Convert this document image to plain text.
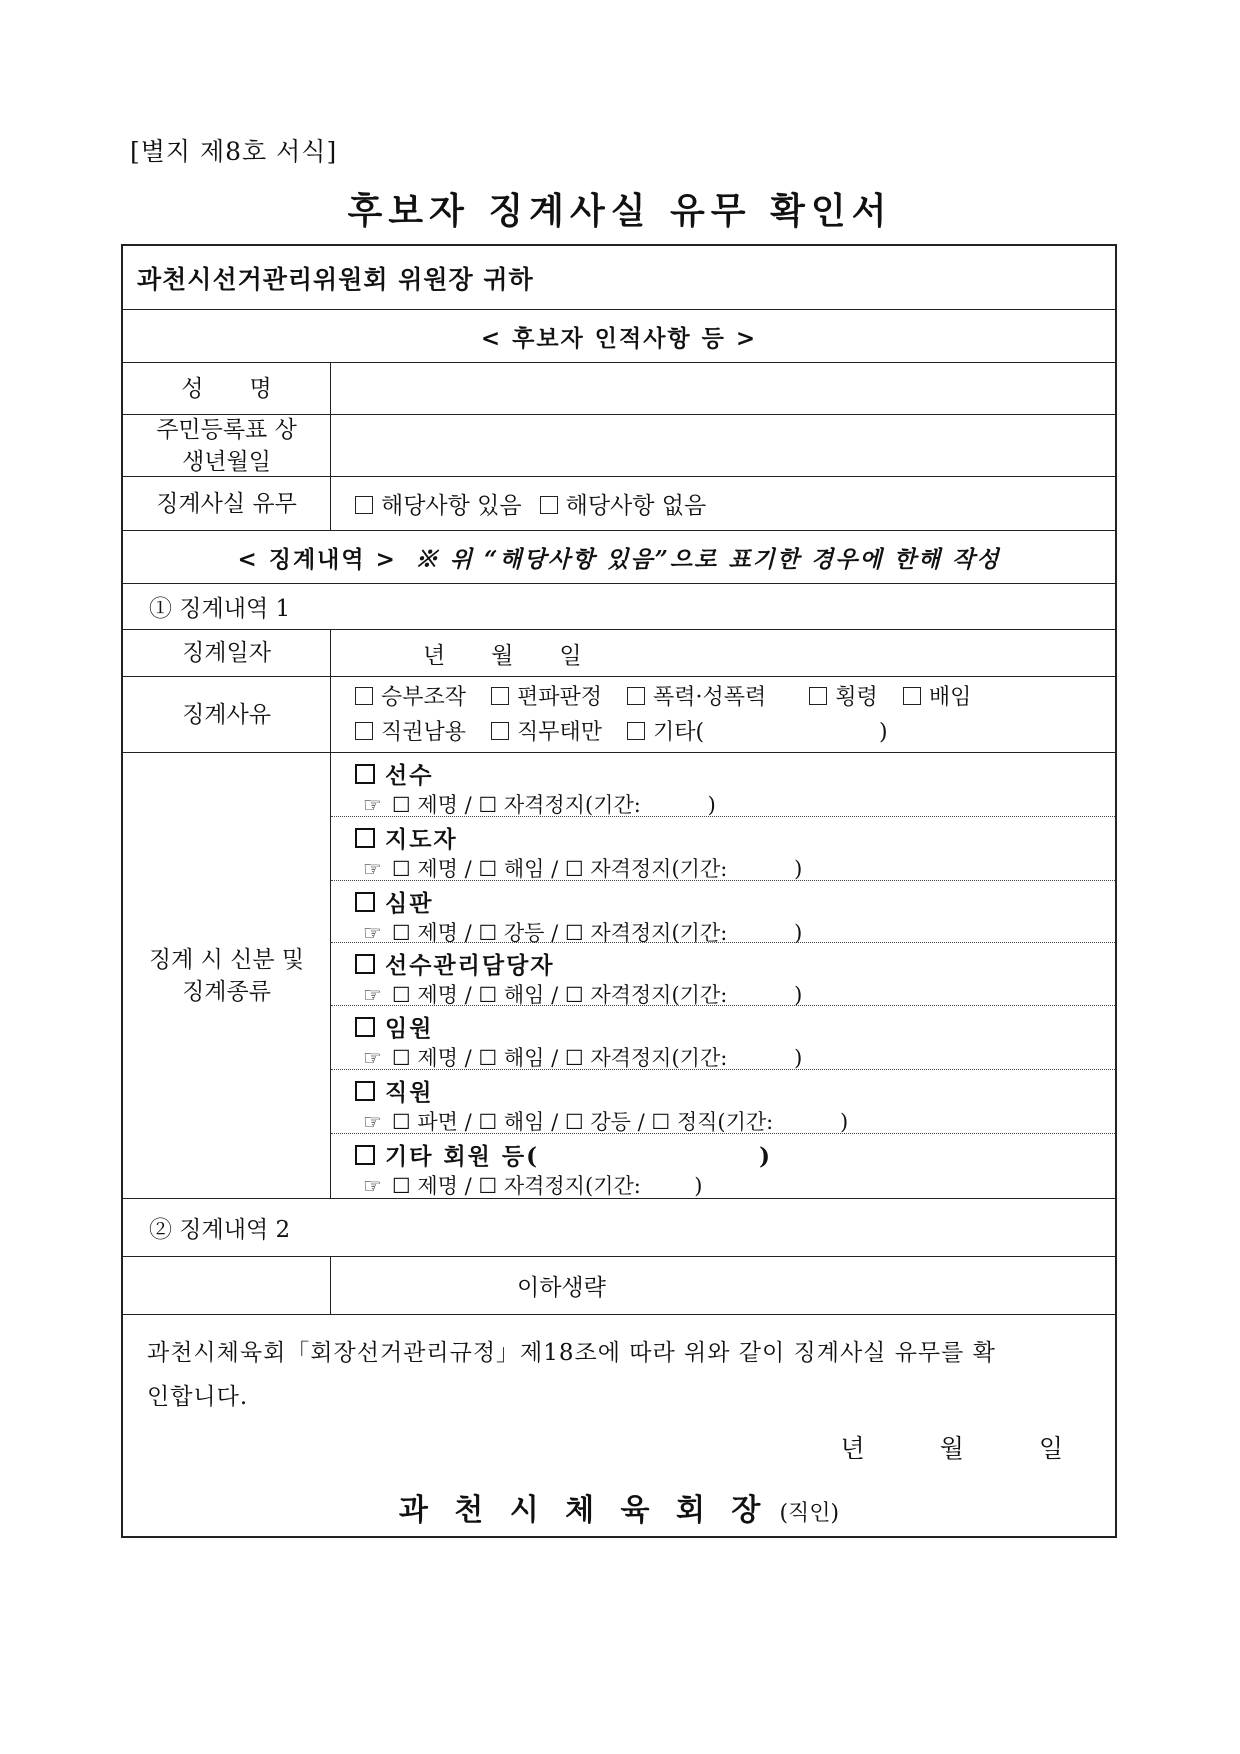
[별지 제8호 서식]
후보자 징계사실 유무 확인서
과천시선거관리위원회 위원장 귀하
< 후보자 인적사항 등 >
성　　명
주민등록표 상
생년월일
징계사실 유무	해당사항 있음	해당사항 없음
< 징계내역 > ※ 위 “해당사항 있음”으로 표기한 경우에 한해 작성
① 징계내역 1
징계일자	년　　월　　일
징계사유
승부조작 편파판정 폭력·성폭력	횡령 배임
직권남용 직무태만 기타(                         )
징계 시 신분 및
징계종류
선수
☞ ☐ 제명 / ☐ 자격정지(기간:          )
지도자
☞ ☐ 제명 / ☐ 해임 / ☐ 자격정지(기간:          )
심판
☞ ☐ 제명 / ☐ 강등 / ☐ 자격정지(기간:          )
선수관리담당자
☞ ☐ 제명 / ☐ 해임 / ☐ 자격정지(기간:          )
임원
☞ ☐ 제명 / ☐ 해임 / ☐ 자격정지(기간:          )
직원
☞ ☐ 파면 / ☐ 해임 / ☐ 강등 / ☐ 정직(기간:          )
기타 회원 등(                      )
☞ ☐ 제명 / ☐ 자격정지(기간:        )
② 징계내역 2
이하생략
과천시체육회「회장선거관리규정」제18조에 따라 위와 같이 징계사실 유무를 확
인합니다.
년　　　월　　　일
과 천 시 체 육 회 장 (직인)
